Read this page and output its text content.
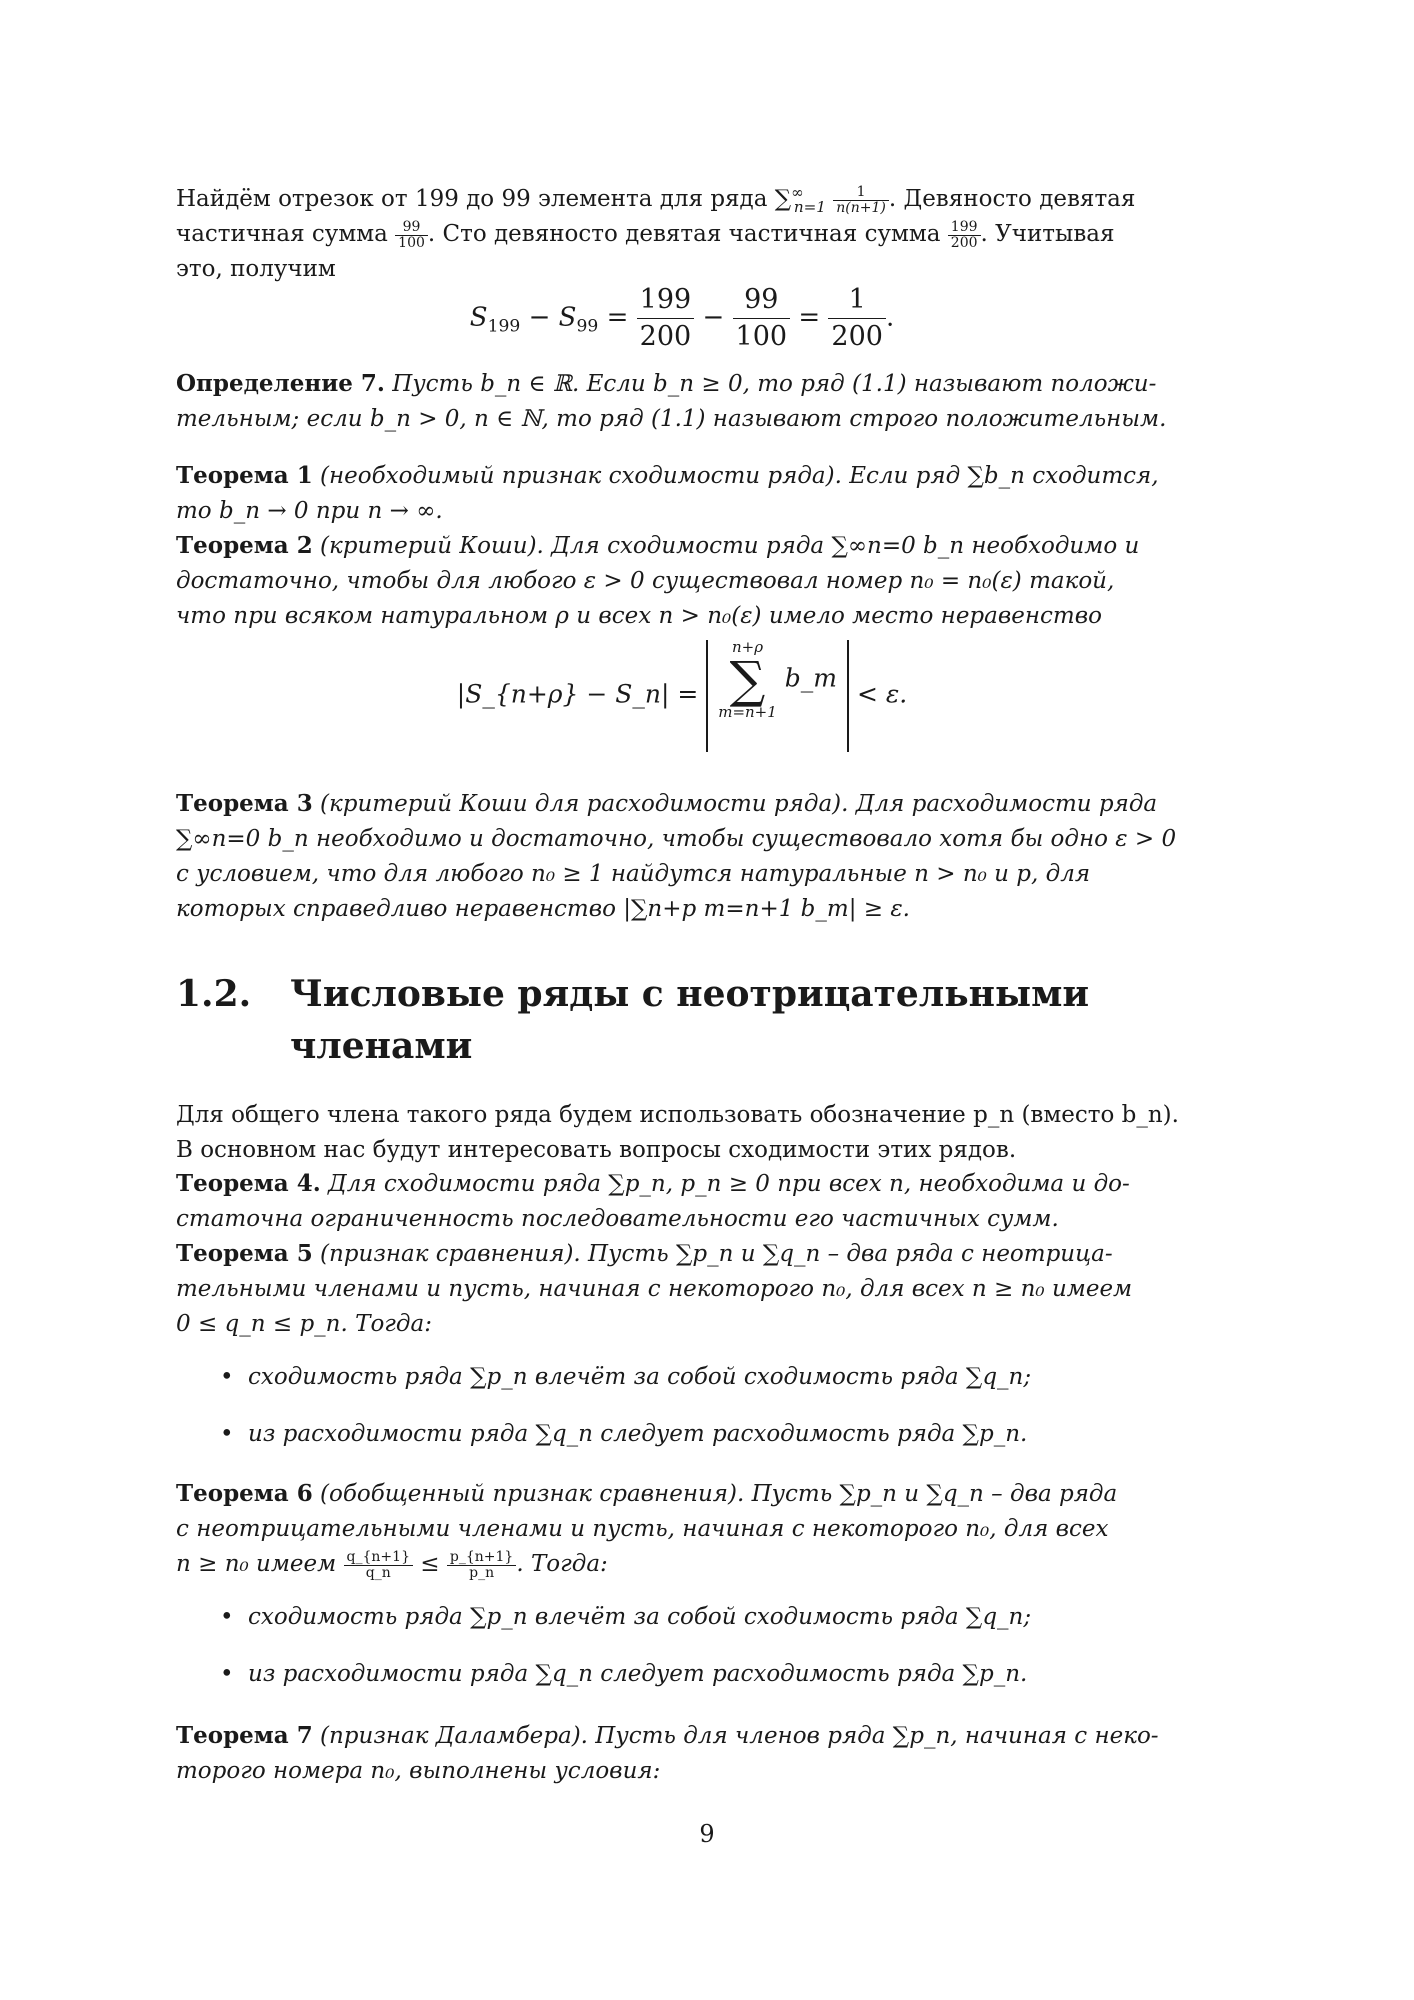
Найдём отрезок от 199 до 99 элемента для ряда $\sum^\infty_{n=1} \frac{1}{n(n+1)}$ . Девяносто девятая

частичная сумма $\frac{99}{100}$ . Сто девяносто девятая частичная сумма $\frac{199}{200}$ . Учитывая

это, получим

$S_{199} - S_{99} = \frac{199}{200} - \frac{99}{100} = \frac{1}{200}$ .

Определение 7. Пусть b_n ∈ ℝ. Если b_n ≥ 0, то ряд (1.1) называют положи-

тельным; если b_n > 0, n ∈ ℕ, то ряд (1.1) называют строго положительным.

Теорема 1 (необходимый признак сходимости ряда). Если ряд ∑b_n сходится,

то b_n → 0 при n → ∞.

Теорема 2 (критерий Коши). Для сходимости ряда ∑∞n=0 b_n необходимо и

достаточно, чтобы для любого ε > 0 существовал номер n₀ = n₀(ε) такой,

что при всяком натуральном ρ и всех n > n₀(ε) имело место неравенство

|S_{n+ρ} − S_n| =
n+ρ
∑
m=n+1
b_m < ε.

Теорема 3 (критерий Коши для расходимости ряда). Для расходимости ряда

∑∞n=0 b_n необходимо и достаточно, чтобы существовало хотя бы одно ε > 0

с условием, что для любого n₀ ≥ 1 найдутся натуральные n > n₀ и p, для

которых справедливо неравенство |∑n+p m=n+1 b_m| ≥ ε.

1.2. Числовые ряды с неотрицательными
членами

Для общего члена такого ряда будем использовать обозначение p_n (вместо b_n).

В основном нас будут интересовать вопросы сходимости этих рядов.

Теорема 4. Для сходимости ряда ∑p_n, p_n ≥ 0 при всех n, необходима и до-

статочна ограниченность последовательности его частичных сумм.

Теорема 5 (признак сравнения). Пусть ∑p_n и ∑q_n – два ряда с неотрица-

тельными членами и пусть, начиная с некоторого n₀, для всех n ≥ n₀ имеем

0 ≤ q_n ≤ p_n. Тогда:

• сходимость ряда ∑p_n влечёт за собой сходимость ряда ∑q_n;
• из расходимости ряда ∑q_n следует расходимость ряда ∑p_n.

Теорема 6 (обобщенный признак сравнения). Пусть ∑p_n и ∑q_n – два ряда

с неотрицательными членами и пусть, начиная с некоторого n₀, для всех

n ≥ n₀ имеем $\frac{q\_\{n+1\}}{q\_n} \le \frac{p\_\{n+1\}}{p\_n}$ . Тогда:

• сходимость ряда ∑p_n влечёт за собой сходимость ряда ∑q_n;
• из расходимости ряда ∑q_n следует расходимость ряда ∑p_n.

Теорема 7 (признак Даламбера). Пусть для членов ряда ∑p_n, начиная с неко-

торого номера n₀, выполнены условия:

9
